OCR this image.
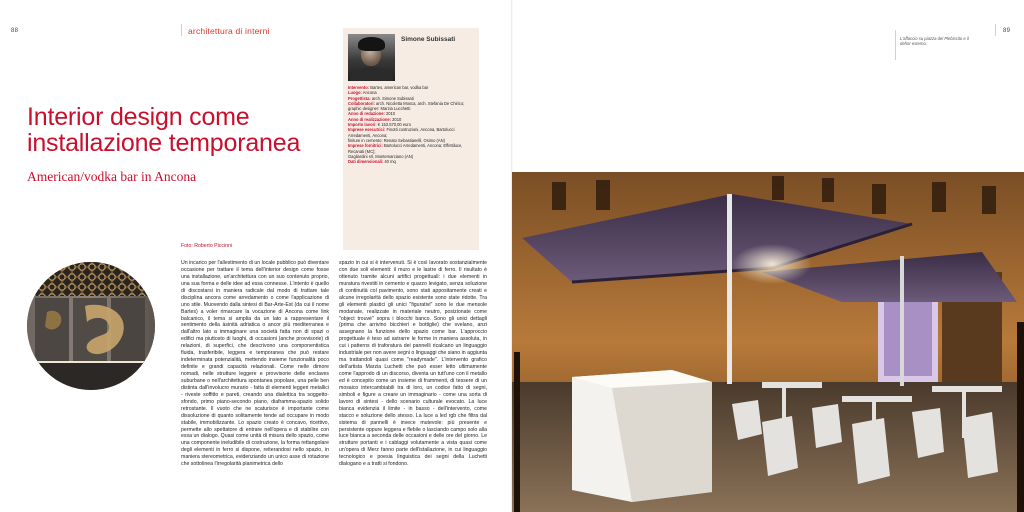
88	89
architettura di interni
Interior design come
installazione temporanea
American/vodka bar in Ancona
Simone Subissati
Intervento: Bartes, american bar, vodka bar
Luogo: Ancona
Progettista: arch. Simone Subissati
Collaboratori: arch. Nicoletta Mosca, arch. Stefania De Chirico; graphic designer: Marzia Lucchetti
Anno di redazione: 2010
Anno di realizzazione: 2010
Importo lavori: € 153.570,00 euro
Imprese esecutrici: Finotti costruzioni, Ancona, Bartolucci Arredamenti, Ancona;
finiture in cemento: Renato Sebastianelli, Osimo (AN)
Imprese fornitrici: Bartolucci Arredamenti, Ancona; Effettiluce, Recanati (MC);
Gagliardini srl, Montemarciano (AN)
Dati dimensionali: 40 mq
L'affaccio su piazza del Plebiscito e il dehor esterno.
Foto: Roberto Piccinni
Un incarico per l'allestimento di un locale pubblico può diventare occasione per trattare il tema dell'interior design come fosse una installazione, un'architettura con un suo contenuto proprio, una sua forma e delle idee ad essa connesse. L'intento è quello di discostarsi in maniera radicale dal modo di trattare tale disciplina ancora come arredamento o come l'applicazione di uno stile. Muovendo dalla sintesi di Bar-Arte-Est (da cui il nome Bartes) a voler rimarcare la vocazione di Ancona come link balcanico, il tema si amplia da un lato a rappresentare il sentimento della àsinità adriatica o ancor più mediterranea e dall'altro lato a immaginare una società fatta non di spazi o edifici ma piuttosto di luoghi, di occasioni (anche provvisorie) di relazioni, di superfici, che descrivono una componentistica fluida, trasferibile, leggera e temporanea che può restare indeterminata potenzialità, mettendo insieme funzionalità poco definite e grandi capacità relazionali. Come nelle dimore nomadi, nelle strutture leggere e provvisorie delle enclaves suburbane o nell'architettura spontanea popolare, una pelle ben distinta dall'involucro murario - fatta di elementi leggeri metallici - riveste soffitto e pareti, creando una dialettica tra soggetto-sfondo, primo piano-secondo piano, diaframma-spazio solido retrostante. Il vuoto che ne scaturisce è importante come dissoluzione di quanto solitamente tende ad occupare in modo stabile, immobilizzante. Lo spazio creato è concavo, ricettivo, permette allo spettatore di entrare nell'opera e di stabilire con essa un dialogo. Quasi come unità di misura dello spazio, come una componente ineludibile di costruzione, la forma rettangolare degli elementi in ferro si dispone, reiterandosi nello spazio, in maniera stereometrica, evidenziando un unico asse di rotazione che sottolinea l'irregolarità planimetrica dello
spazio in cui si è intervenuti. Si è così lavorato sostanzialmente con due soli elementi: il muro e le lastre di ferro. Il risultato è ottenuto tramite alcuni artifici progettuali: i due elementi in muratura rivestiti in cemento e quarzo levigato, senza soluzione di continuità col pavimento, sono stati appositamente creati e alcune irregolarità dello spazio esistente sono state ridotte. Tra gli elementi plastici gli unici "figurativi" sono le due mensole modanate, realizzate in materiale neutro, posizionate come "object trouvé" sopra i blocchi banco. Sono gli unici dettagli (prima che arrivino bicchieri e bottiglie) che svelano, anzi assegnano la funzione dello spazio come bar. L'approccio progettuale è teso ad astrarre le forme in maniera assoluta, in cui i patterns di traforatura dei pannelli ricalcano un linguaggio industriale per non avere segni o linguaggi che siano in aggiunta ma trattandoli quasi come "readymade". L'intervento grafico dell'artista Marzia Luchetti che può esser letto ultimamente come l'approdo di un discorso, diventa un tutt'uno con il metallo ed è concepito come un insieme di frammenti, di tessere di un mosaico intercambiabili tra di loro, un codice fatto di segni, simboli e figure a creare un immaginario - come una sorta di lavoro di sintesi - dello scenario culturale evocato. La luce bianca evidenzia il limite - in basso - dell'intervento, come stacco e soluzione dello stesso. La luce a led rgb che filtra dal sistema di pannelli è invece mutevole: più presente e persistente oppure leggera e flebile o lasciando campo solo alla luce bianca a seconda delle occasioni e delle ore del giorno. Le strutture portanti e i cablaggi volutamente a vista quasi come un'opera di Merz fanno parte dell'istallazione, in cui linguaggio tecnologico e poesia linguistica dei segni della Luchetti dialogano e a tratti si fondono.
